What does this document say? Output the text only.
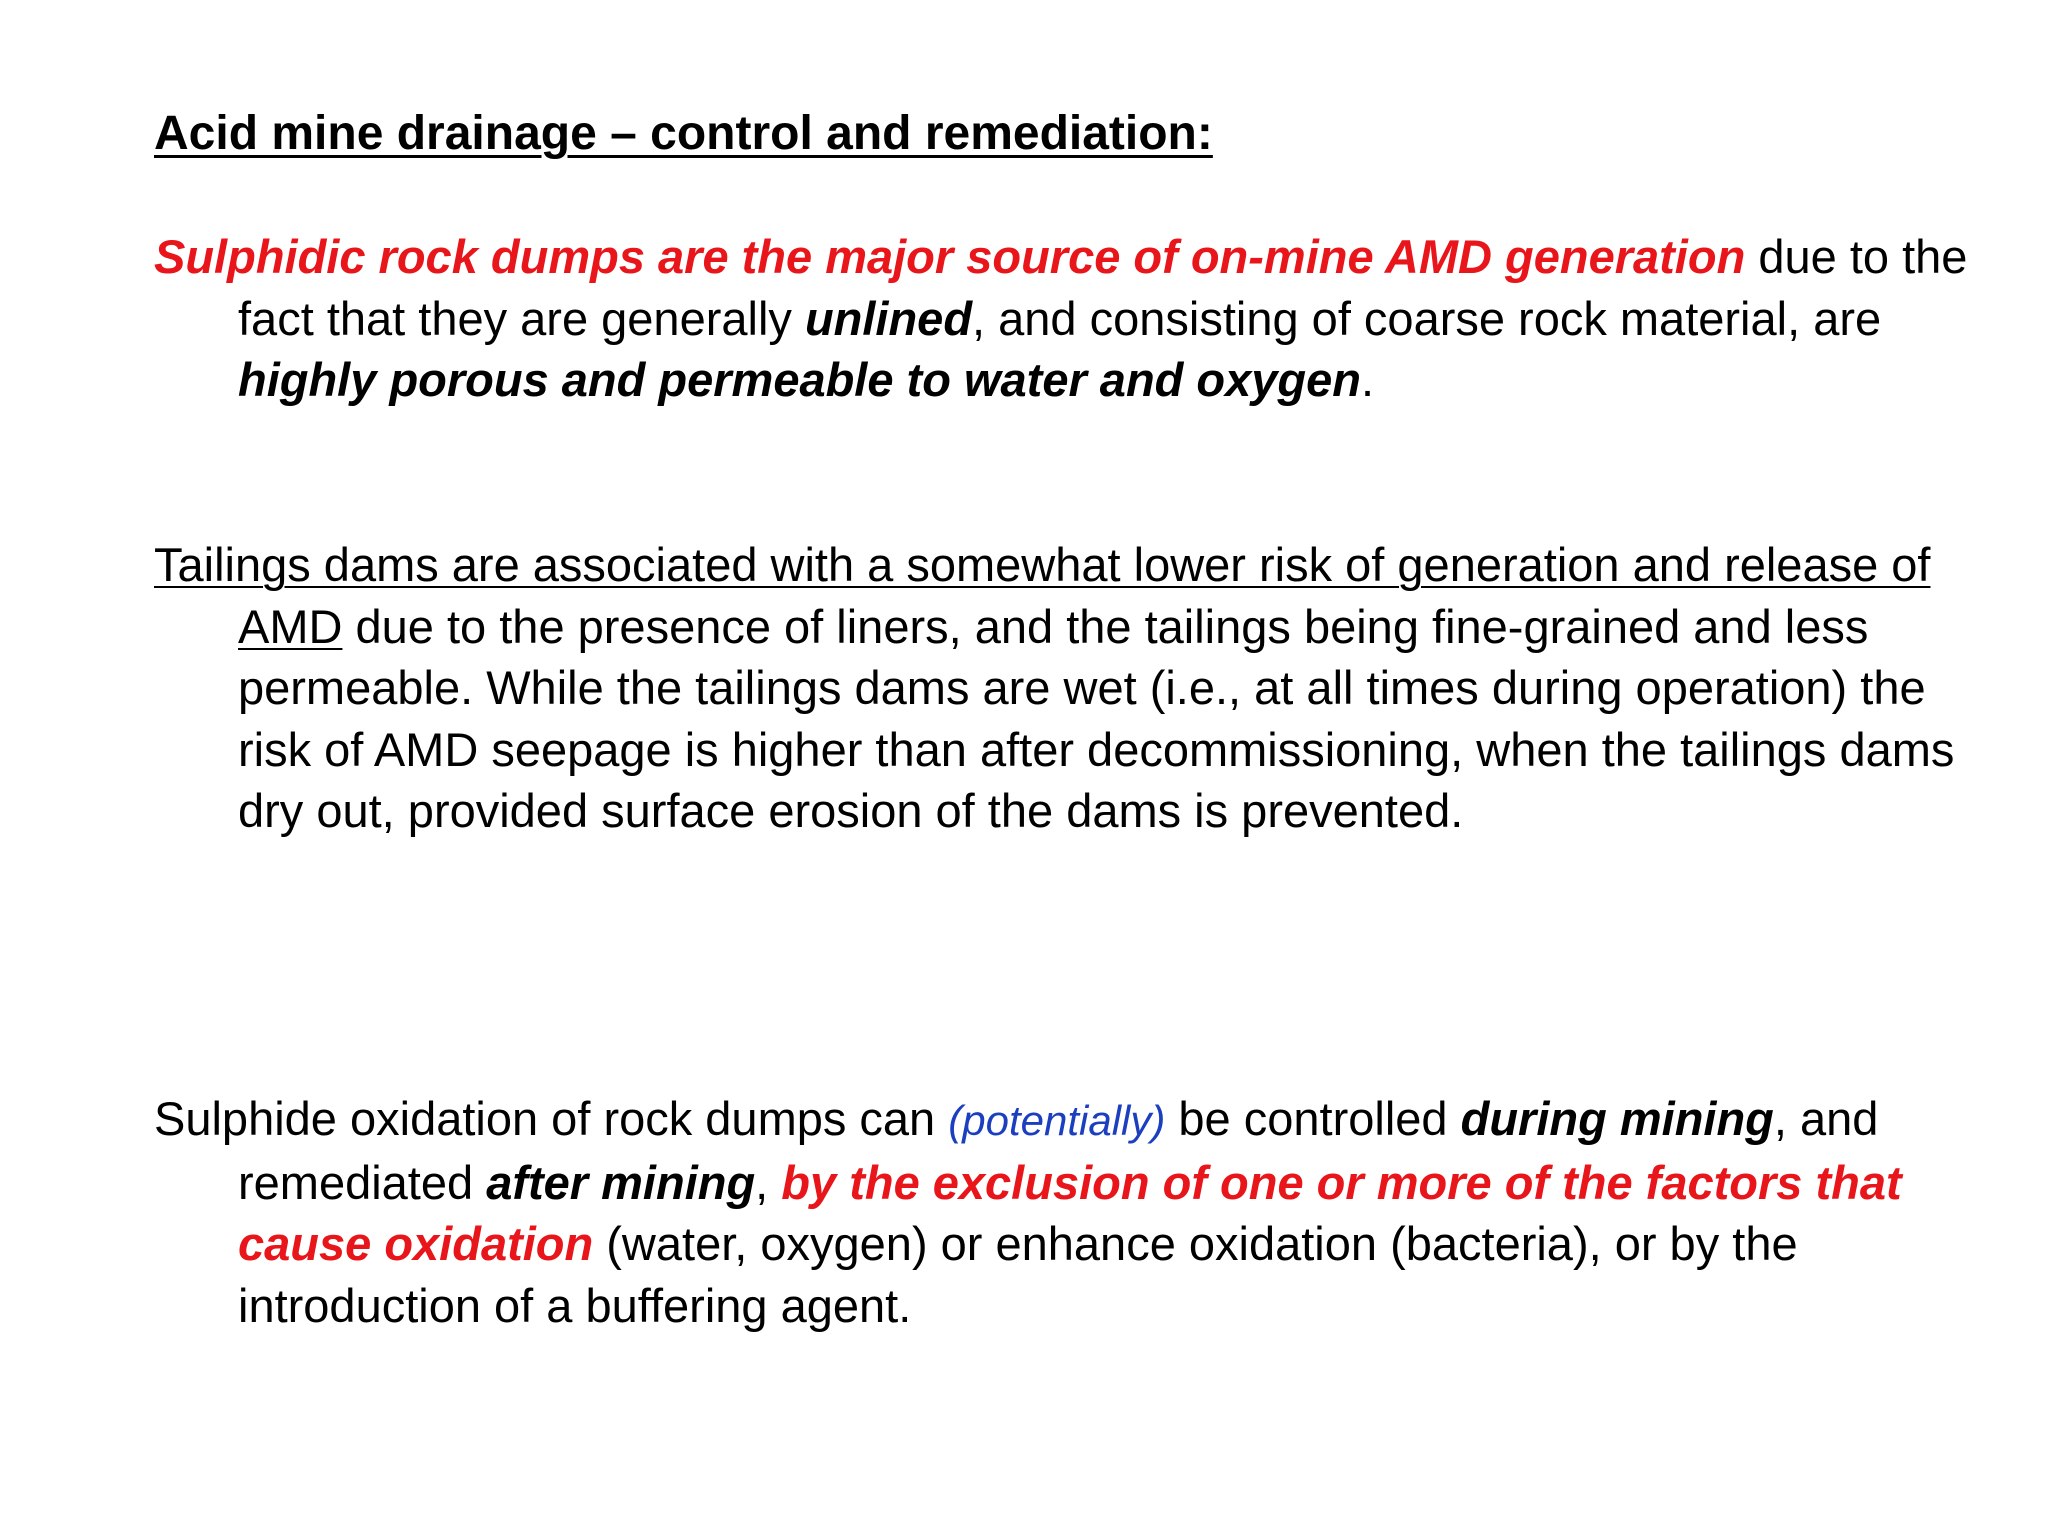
Acid mine drainage – control and remediation:
Sulphidic rock dumps are the major source of on-mine AMD generation due to the fact that they are generally unlined, and consisting of coarse rock material, are highly porous and permeable to water and oxygen.
Tailings dams are associated with a somewhat lower risk of generation and release of AMD due to the presence of liners, and the tailings being fine-grained and less permeable. While the tailings dams are wet (i.e., at all times during operation) the risk of AMD seepage is higher than after decommissioning, when the tailings dams dry out, provided surface erosion of the dams is prevented.
Sulphide oxidation of rock dumps can (potentially) be controlled during mining, and remediated after mining, by the exclusion of one or more of the factors that cause oxidation (water, oxygen) or enhance oxidation (bacteria), or by the introduction of a buffering agent.
